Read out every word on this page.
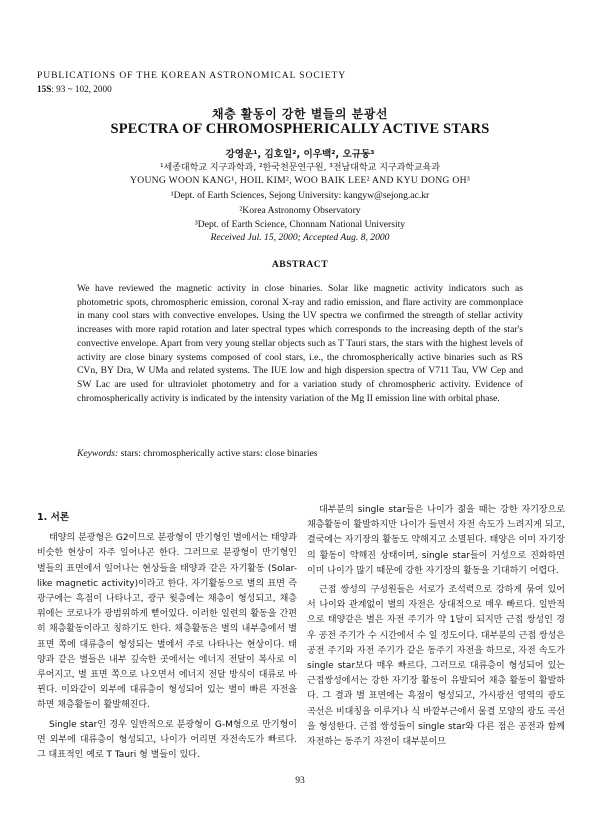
PUBLICATIONS OF THE KOREAN ASTRONOMICAL SOCIETY
15S: 93 ~ 102, 2000
채층 활동이 강한 별들의 분광선
SPECTRA OF CHROMOSPHERICALLY ACTIVE STARS
강영운¹, 김호일², 이우백², 오규동³
¹세종대학교 지구과학과, ²한국천문연구원, ³전남대학교 지구과학교육과
YOUNG WOON KANG¹, HOIL KIM², WOO BAIK LEE² AND KYU DONG OH³
¹Dept. of Earth Sciences, Sejong University: kangyw@sejong.ac.kr
²Korea Astronomy Observatory
³Dept. of Earth Science, Chonnam National University
Received Jul. 15, 2000; Accepted Aug. 8, 2000
ABSTRACT
We have reviewed the magnetic activity in close binaries. Solar like magnetic activity indicators such as photometric spots, chromospheric emission, coronal X-ray and radio emission, and flare activity are commonplace in many cool stars with convective envelopes. Using the UV spectra we confirmed the strength of stellar activity increases with more rapid rotation and later spectral types which corresponds to the increasing depth of the star's convective envelope. Apart from very young stellar objects such as T Tauri stars, the stars with the highest levels of activity are close binary systems composed of cool stars, i.e., the chromospherically active binaries such as RS CVn, BY Dra, W UMa and related systems. The IUE low and high dispersion spectra of V711 Tau, VW Cep and SW Lac are used for ultraviolet photometry and for a variation study of chromospheric activity. Evidence of chromospherically activity is indicated by the intensity variation of the Mg II emission line with orbital phase.
Keywords: stars: chromospherically active stars: close binaries

1. 서론

태양의 분광형은 G2이므로 분광형이 만기형인 별에서는 태양과 비슷한 현상이 자주 일어나곤 한다. 그러므로 분광형이 만기형인 별들의 표면에서 일어나는 현상들을 태양과 같은 자기활동 (Solar-like magnetic activity)이라고 한다. 자기활동으로 별의 표면 즉 광구에는 흑점이 나타나고, 광구 윗층에는 채층이 형성되고, 채층 위에는 코로나가 광범위하게 뻗어있다. 이러한 일련의 활동을 간편히 채층활동이라고 칭하기도 한다. 채층활동은 별의 내부층에서 별 표면 쪽에 대류층이 형성되는 별에서 주로 나타나는 현상이다. 태양과 같은 별들은 내부 깊숙한 곳에서는 에너지 전달이 복사로 이루어지고, 별 표면 쪽으로 나오면서 에너지 전달 방식이 대류로 바뀐다. 이와같이 외부에 대류층이 형성되어 있는 별이 빠른 자전을 하면 채층활동이 활발해진다.

Single star인 경우 일반적으로 분광형이 G-M형으로 만기형이면 외부에 대류층이 형성되고, 나이가 어리면 자전속도가 빠르다. 그 대표적인 예로 T Tauri 형 별들이 있다.

대부분의 single star들은 나이가 젊을 때는 강한 자기장으로 채층활동이 활발하지만 나이가 들면서 자전 속도가 느려지게 되고, 결국에는 자기장의 활동도 약해지고 소멸된다. 태양은 이미 자기장의 활동이 약해진 상태이며, single star들이 거성으로 진화하면 이미 나이가 많기 때문에 강한 자기장의 활동을 기대하기 어렵다.

근접 쌍성의 구성원들은 서로가 조석력으로 강하게 묶여 있어서 나이와 관계없이 별의 자전은 상대적으로 매우 빠르다. 일반적으로 태양같은 별은 자전 주기가 약 1달이 되지만 근접 쌍성인 경우 공전 주기가 수 시간에서 수 일 정도이다. 대부분의 근접 쌍성은 공전 주기와 자전 주기가 같은 동주기 자전을 하므로, 자전 속도가 single star보다 매우 빠르다. 그러므로 대류층이 형성되어 있는 근접쌍성에서는 강한 자기장 활동이 유발되어 채층 활동이 활발하다. 그 결과 별 표면에는 흑점이 형성되고, 가시광선 영역의 광도 곡선은 비대칭을 이루거나 식 바깥부근에서 물결 모양의 광도 곡선을 형성한다. 근접 쌍성들이 single star와 다른 점은 공전과 함께 자전하는 동주기 자전이 대부분이므

93
